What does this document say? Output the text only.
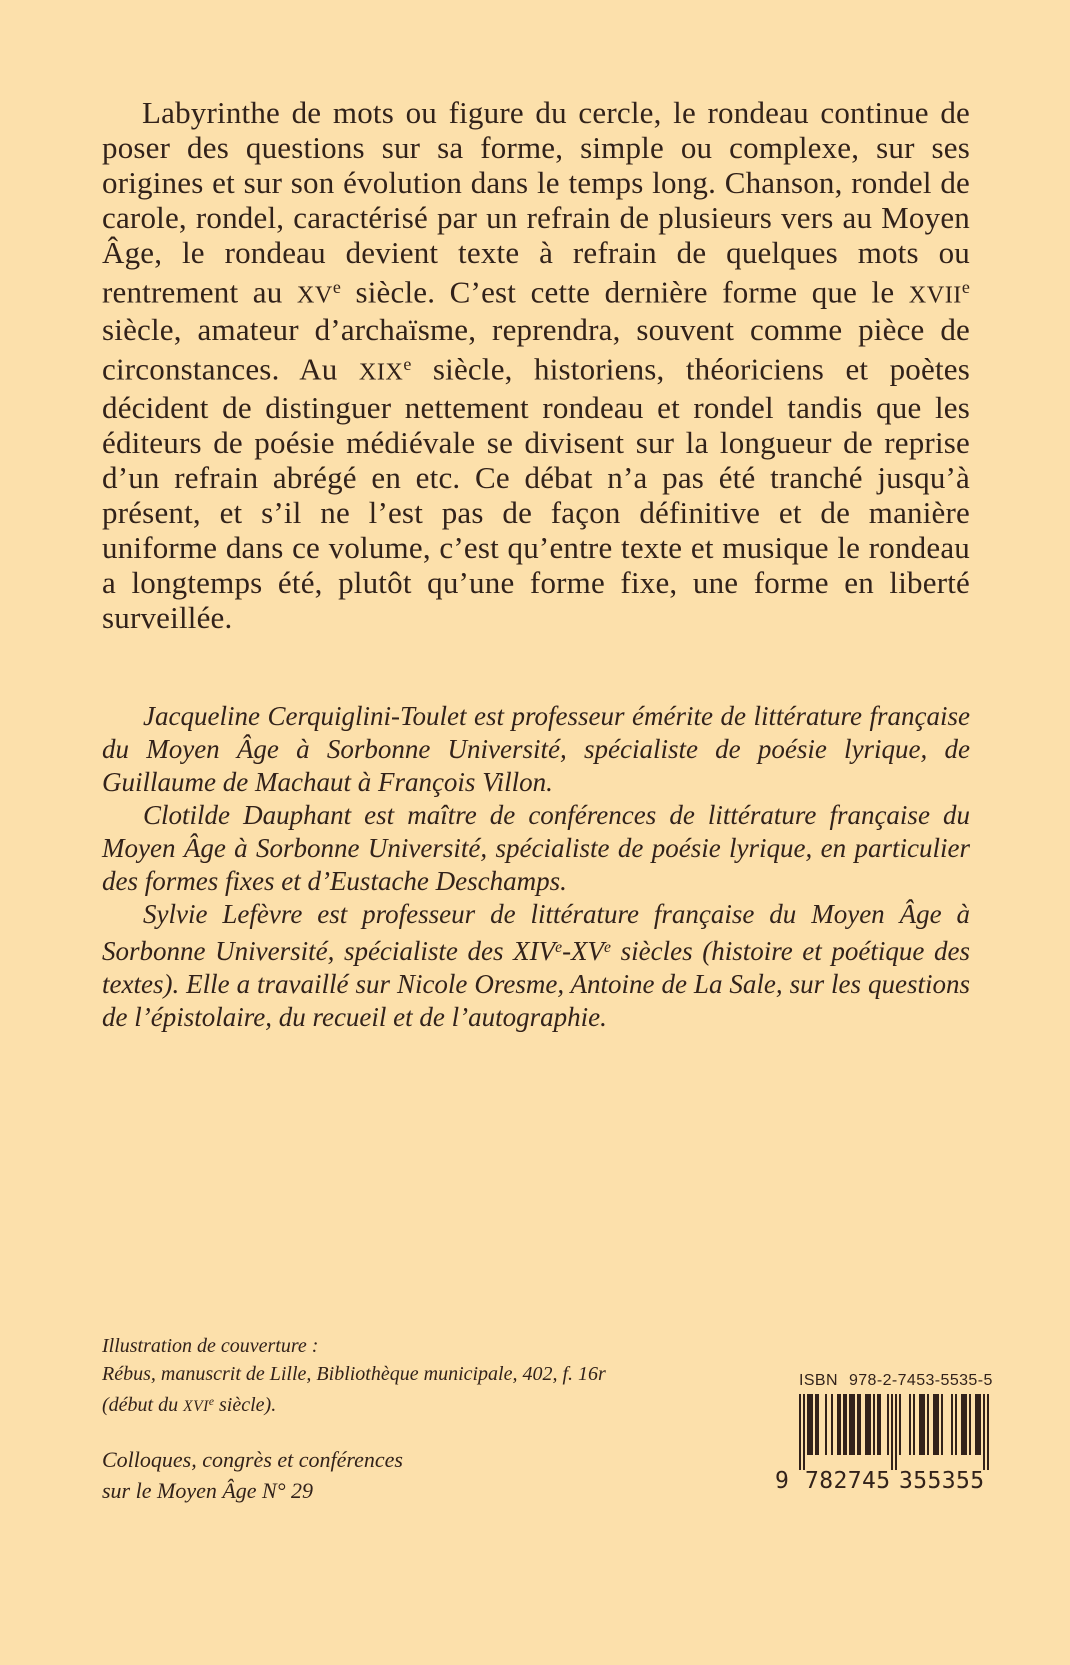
Labyrinthe de mots ou figure du cercle, le rondeau continue de poser des questions sur sa forme, simple ou complexe, sur ses origines et sur son évolution dans le temps long. Chanson, rondel de carole, rondel, caractérisé par un refrain de plusieurs vers au Moyen Âge, le rondeau devient texte à refrain de quelques mots ou rentrement au XVe siècle. C’est cette dernière forme que le XVIIe siècle, amateur d’archaïsme, reprendra, souvent comme pièce de circonstances. Au XIXe siècle, historiens, théoriciens et poètes décident de distinguer nettement rondeau et rondel tandis que les éditeurs de poésie médiévale se divisent sur la longueur de reprise d’un refrain abrégé en etc. Ce débat n’a pas été tranché jusqu’à présent, et s’il ne l’est pas de façon définitive et de manière uniforme dans ce volume, c’est qu’entre texte et musique le rondeau a longtemps été, plutôt qu’une forme fixe, une forme en liberté surveillée.

Jacqueline Cerquiglini-Toulet est professeur émérite de littérature française du Moyen Âge à Sorbonne Université, spécialiste de poésie lyrique, de Guillaume de Machaut à François Villon.

Clotilde Dauphant est maître de conférences de littérature française du Moyen Âge à Sorbonne Université, spécialiste de poésie lyrique, en particulier des formes fixes et d’Eustache Deschamps.

Sylvie Lefèvre est professeur de littérature française du Moyen Âge à Sorbonne Université, spécialiste des XIVe-XVe siècles (histoire et poétique des textes). Elle a travaillé sur Nicole Oresme, Antoine de La Sale, sur les questions de l’épistolaire, du recueil et de l’autographie.

Illustration de couverture :

Rébus, manuscrit de Lille, Bibliothèque municipale, 402, f. 16r

(début du XVIe siècle).

Colloques, congrès et conférences

sur le Moyen Âge N° 29

ISBN 978-2-7453-5535-5
9 782745 355355
